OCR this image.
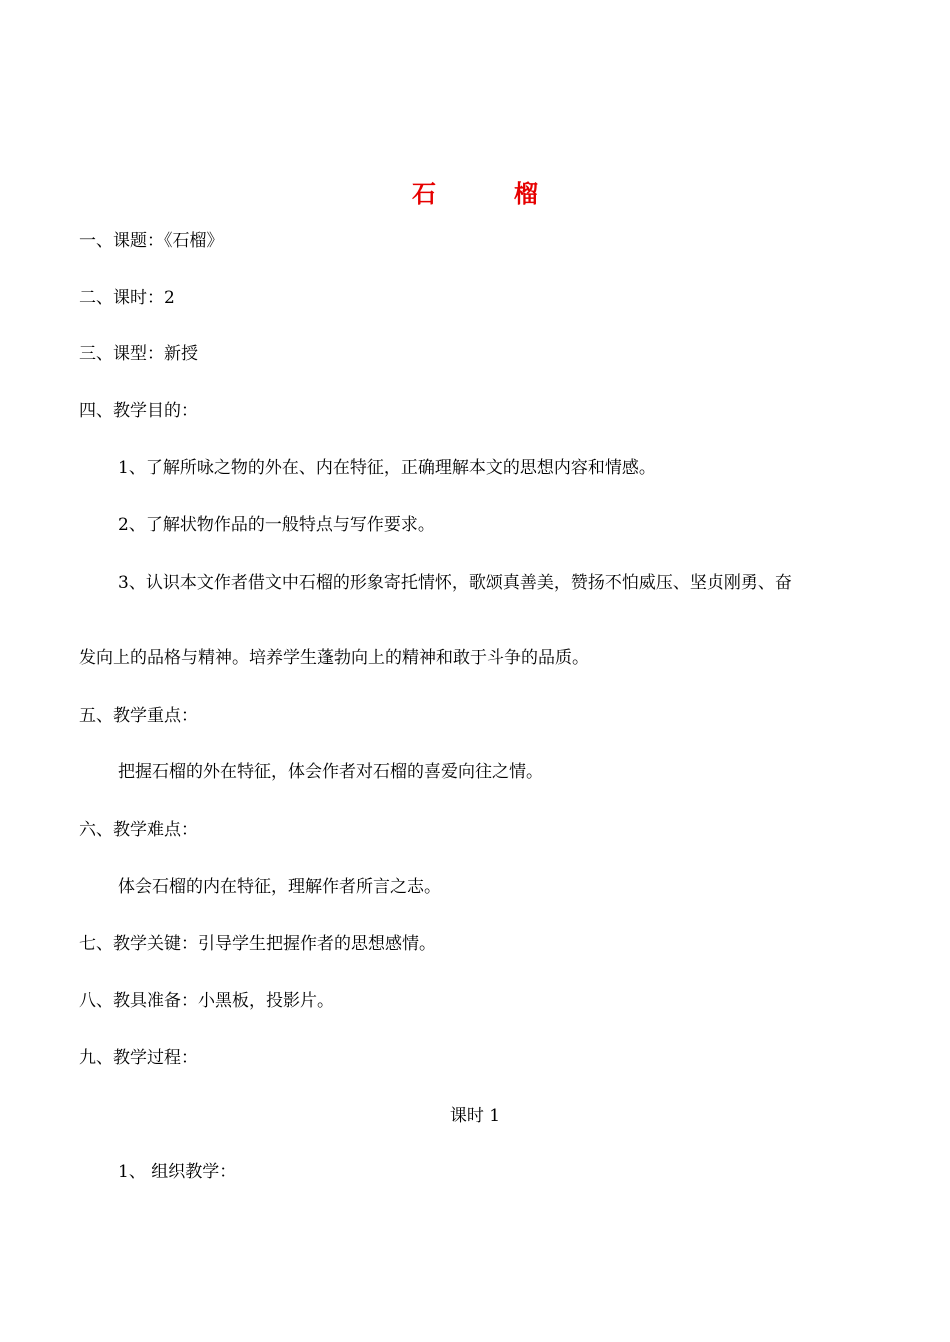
石	榴
一、课题：《石榴》
二、课时：2
三、课型：新授
四、教学目的：
1、了解所咏之物的外在、内在特征，正确理解本文的思想内容和情感。
2、了解状物作品的一般特点与写作要求。
3、认识本文作者借文中石榴的形象寄托情怀，歌颂真善美，赞扬不怕威压、坚贞刚勇、奋
发向上的品格与精神。培养学生蓬勃向上的精神和敢于斗争的品质。
五、教学重点：
把握石榴的外在特征，体会作者对石榴的喜爱向往之情。
六、教学难点：
体会石榴的内在特征，理解作者所言之志。
七、教学关键：引导学生把握作者的思想感情。
八、教具准备：小黑板，投影片。
九、教学过程：
课时 1
1、 组织教学：
